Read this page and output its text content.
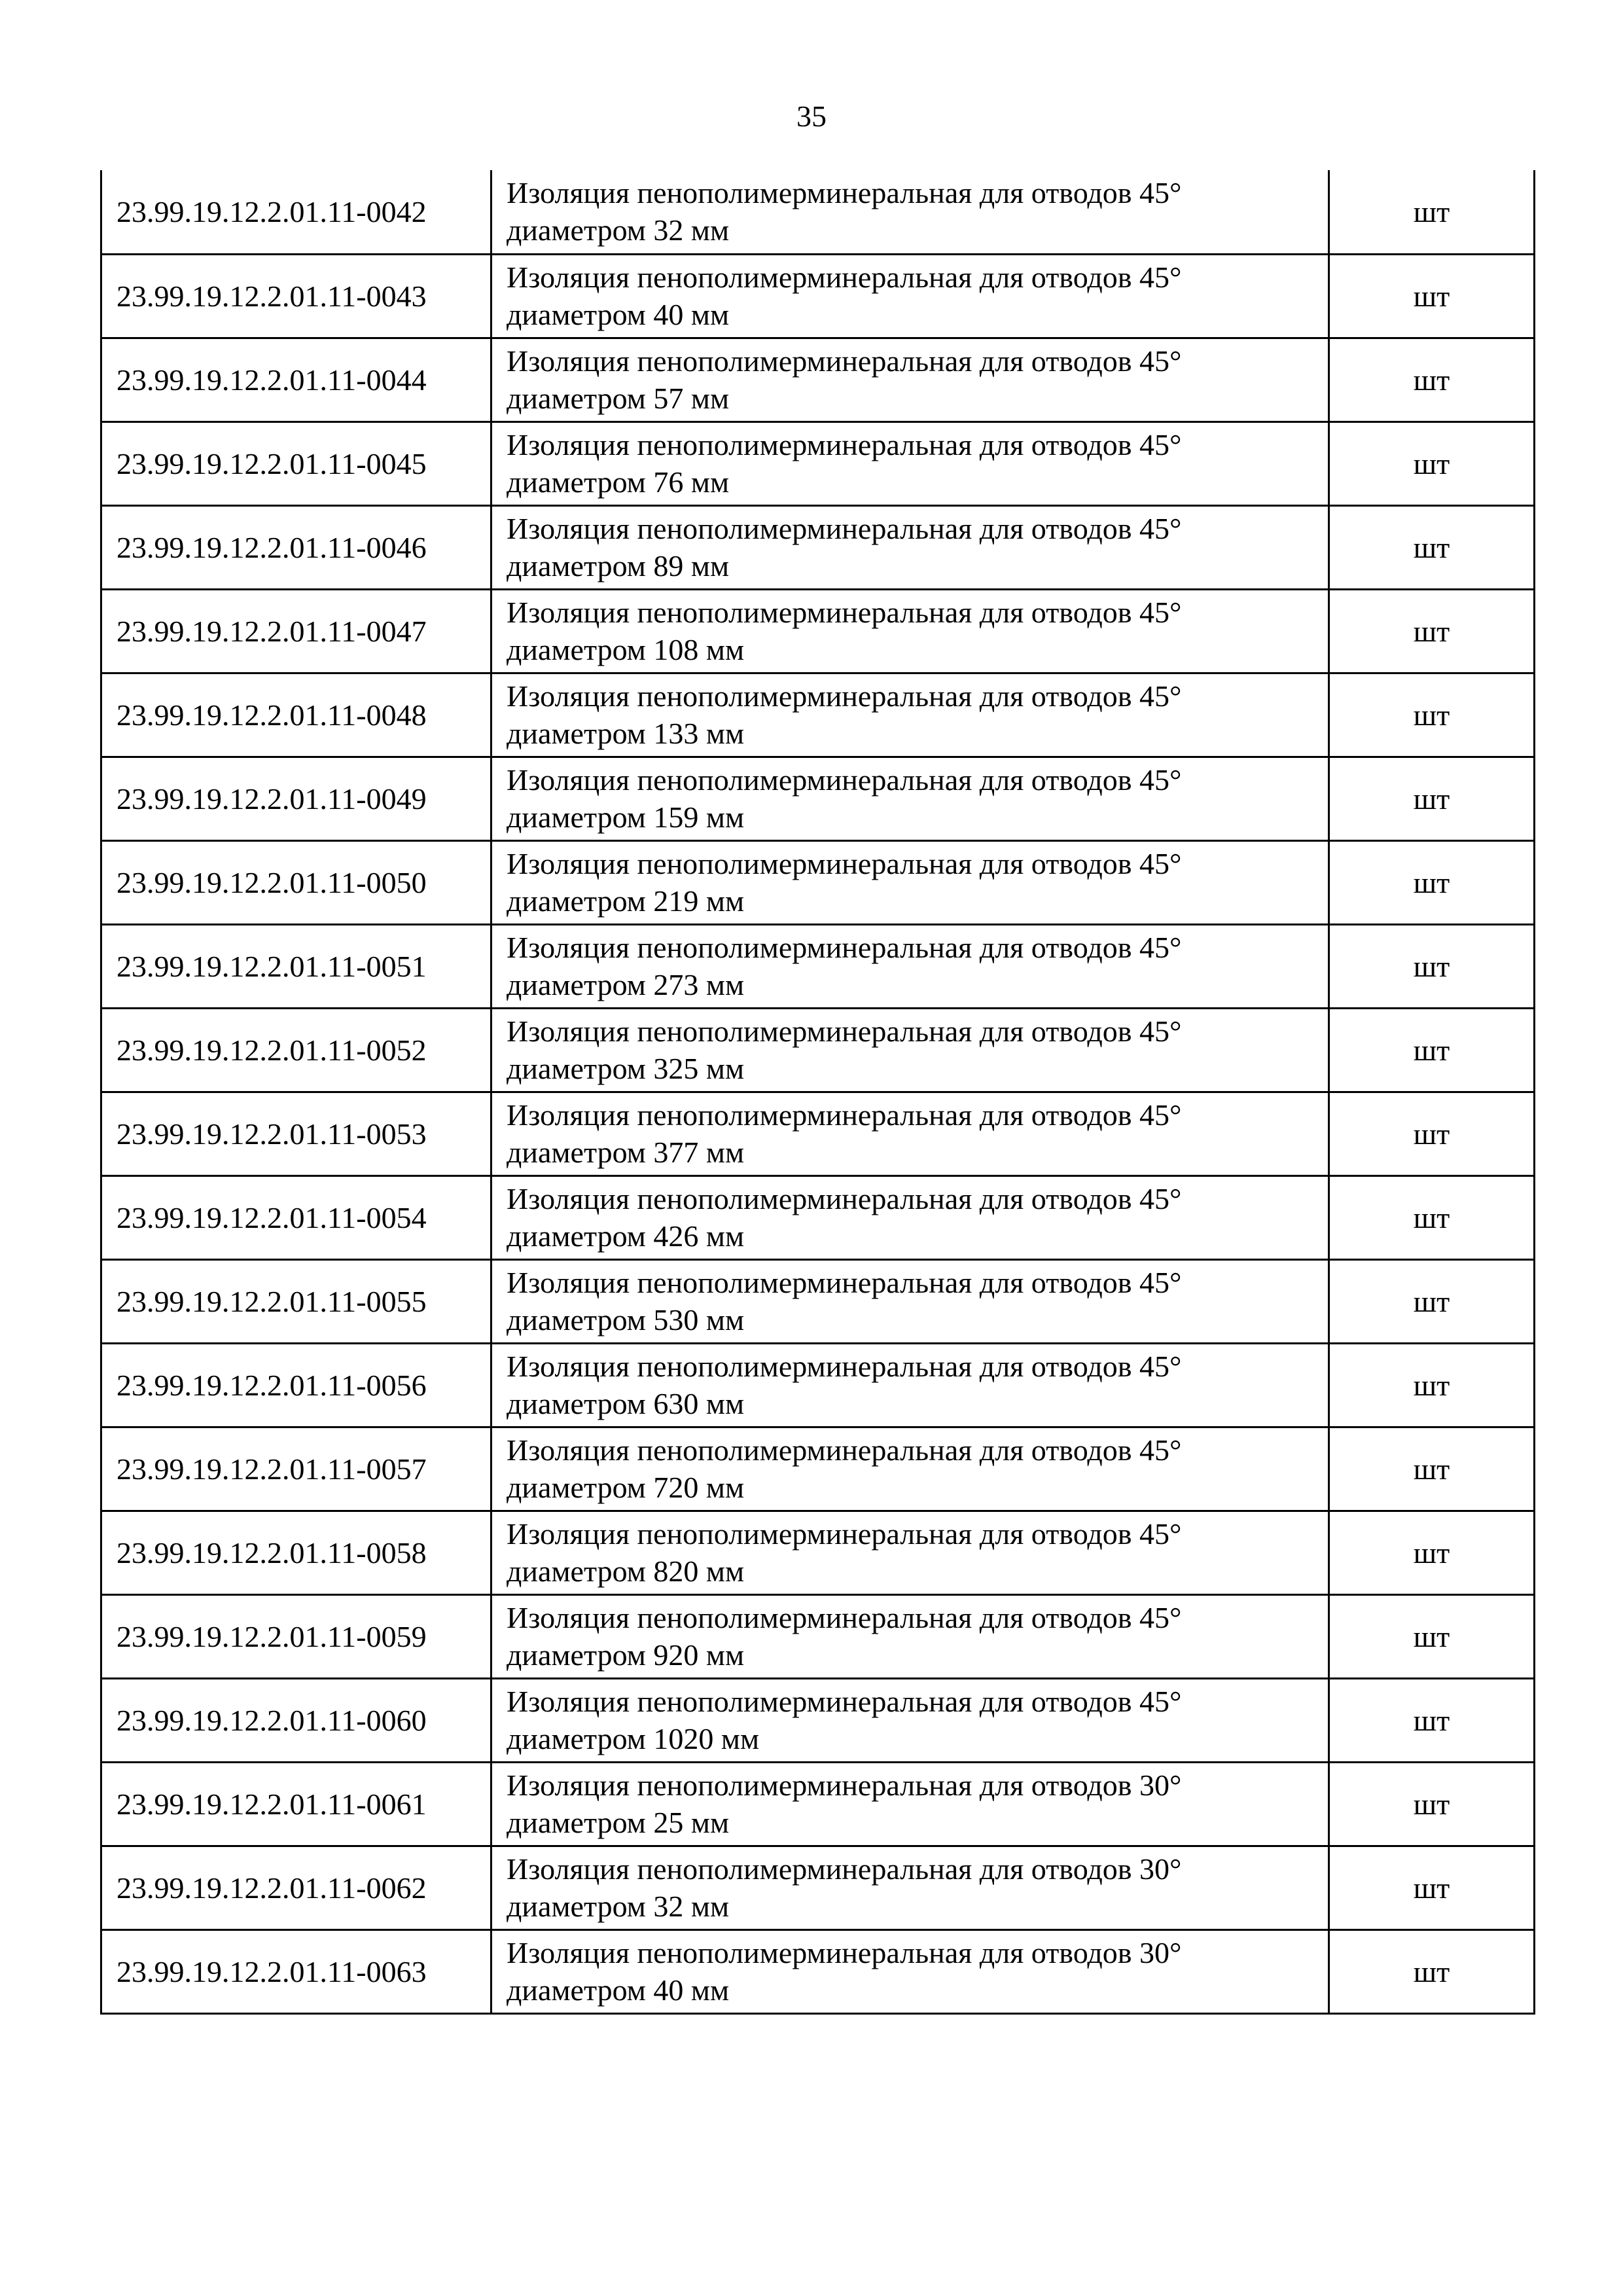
35
23.99.19.12.2.01.11-0042	Изоляция пенополимерминеральная для отводов 45°
диаметром 32 мм	шт
23.99.19.12.2.01.11-0043	Изоляция пенополимерминеральная для отводов 45°
диаметром 40 мм	шт
23.99.19.12.2.01.11-0044	Изоляция пенополимерминеральная для отводов 45°
диаметром 57 мм	шт
23.99.19.12.2.01.11-0045	Изоляция пенополимерминеральная для отводов 45°
диаметром 76 мм	шт
23.99.19.12.2.01.11-0046	Изоляция пенополимерминеральная для отводов 45°
диаметром 89 мм	шт
23.99.19.12.2.01.11-0047	Изоляция пенополимерминеральная для отводов 45°
диаметром 108 мм	шт
23.99.19.12.2.01.11-0048	Изоляция пенополимерминеральная для отводов 45°
диаметром 133 мм	шт
23.99.19.12.2.01.11-0049	Изоляция пенополимерминеральная для отводов 45°
диаметром 159 мм	шт
23.99.19.12.2.01.11-0050	Изоляция пенополимерминеральная для отводов 45°
диаметром 219 мм	шт
23.99.19.12.2.01.11-0051	Изоляция пенополимерминеральная для отводов 45°
диаметром 273 мм	шт
23.99.19.12.2.01.11-0052	Изоляция пенополимерминеральная для отводов 45°
диаметром 325 мм	шт
23.99.19.12.2.01.11-0053	Изоляция пенополимерминеральная для отводов 45°
диаметром 377 мм	шт
23.99.19.12.2.01.11-0054	Изоляция пенополимерминеральная для отводов 45°
диаметром 426 мм	шт
23.99.19.12.2.01.11-0055	Изоляция пенополимерминеральная для отводов 45°
диаметром 530 мм	шт
23.99.19.12.2.01.11-0056	Изоляция пенополимерминеральная для отводов 45°
диаметром 630 мм	шт
23.99.19.12.2.01.11-0057	Изоляция пенополимерминеральная для отводов 45°
диаметром 720 мм	шт
23.99.19.12.2.01.11-0058	Изоляция пенополимерминеральная для отводов 45°
диаметром 820 мм	шт
23.99.19.12.2.01.11-0059	Изоляция пенополимерминеральная для отводов 45°
диаметром 920 мм	шт
23.99.19.12.2.01.11-0060	Изоляция пенополимерминеральная для отводов 45°
диаметром 1020 мм	шт
23.99.19.12.2.01.11-0061	Изоляция пенополимерминеральная для отводов 30°
диаметром 25 мм	шт
23.99.19.12.2.01.11-0062	Изоляция пенополимерминеральная для отводов 30°
диаметром 32 мм	шт
23.99.19.12.2.01.11-0063	Изоляция пенополимерминеральная для отводов 30°
диаметром 40 мм	шт
